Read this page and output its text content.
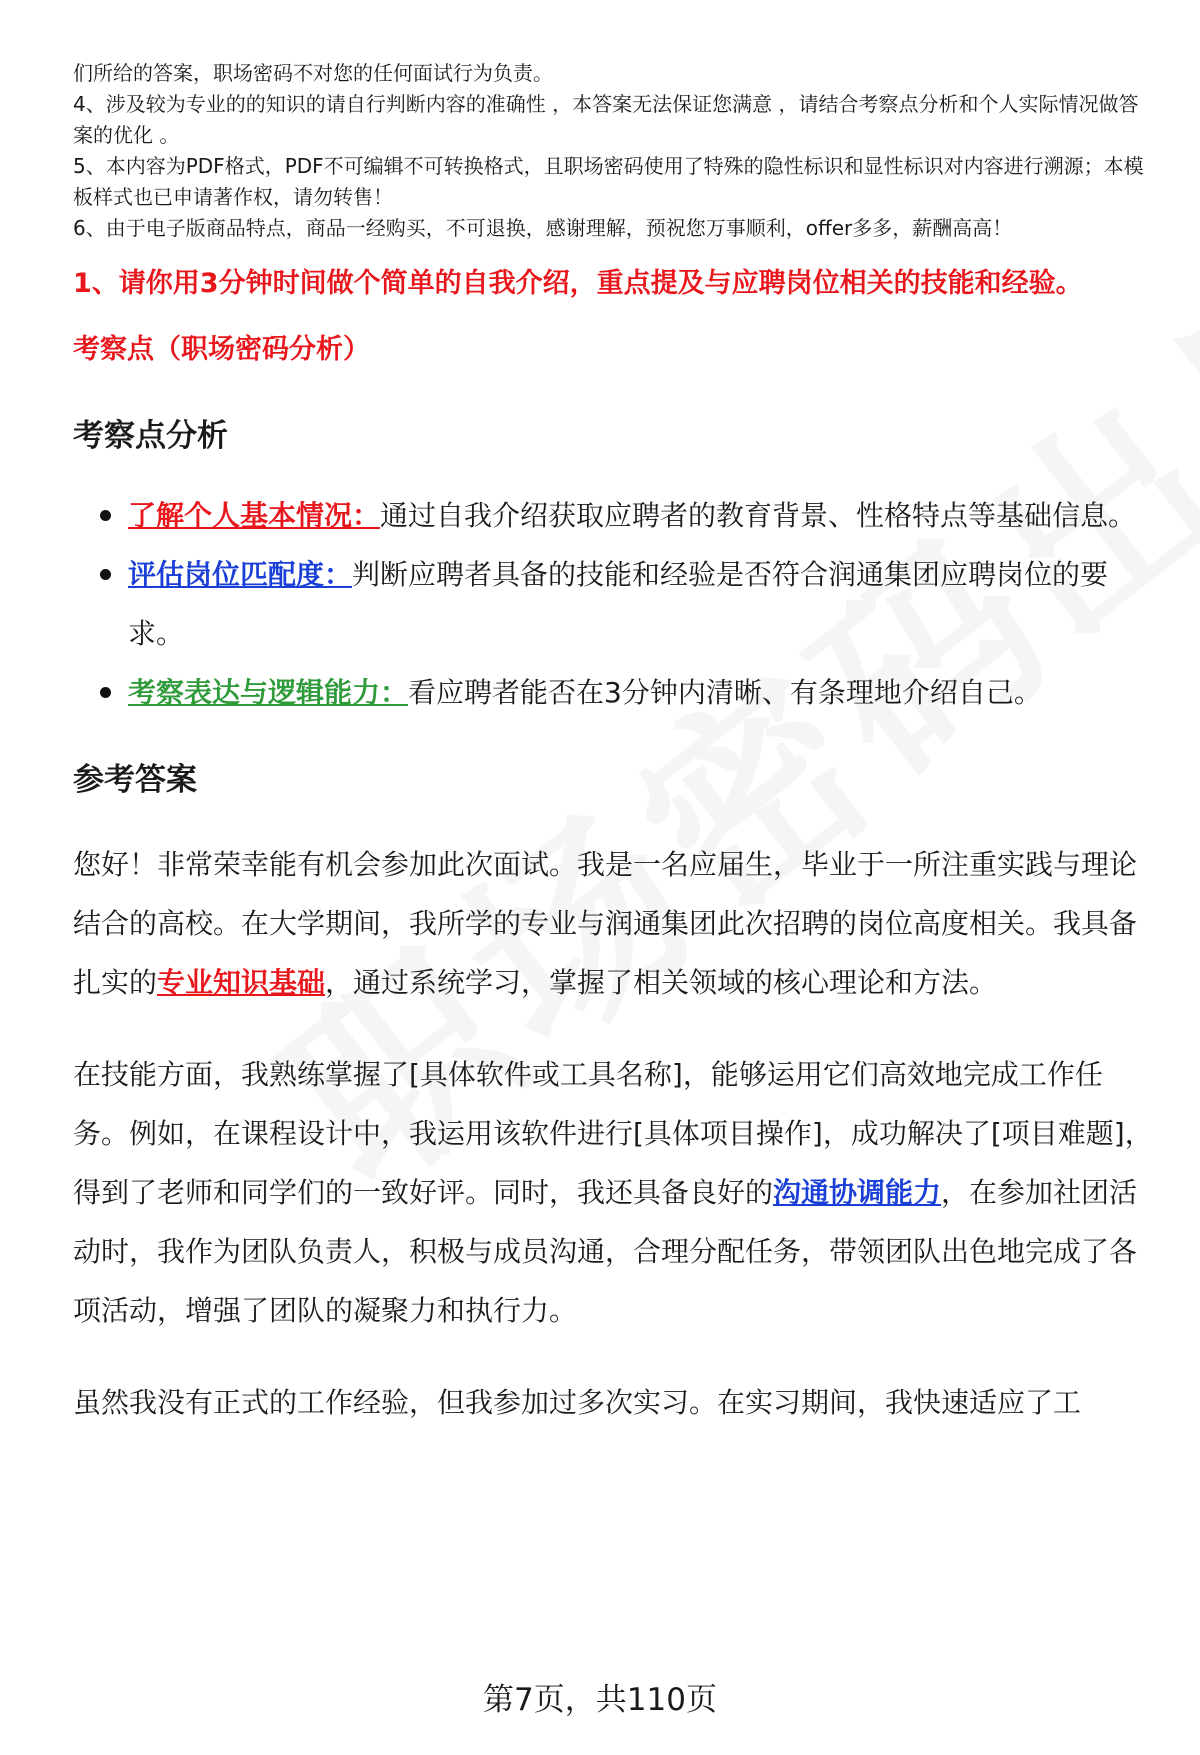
们所给的答案，职场密码不对您的任何面试行为负责。

4、涉及较为专业的的知识的请自行判断内容的准确性 ，本答案无法保证您满意 ，请结合考察点分析和个人实际情况做答案的优化 。

5、本内容为PDF格式，PDF不可编辑不可转换格式，且职场密码使用了特殊的隐性标识和显性标识对内容进行溯源；本模板样式也已申请著作权，请勿转售！

6、由于电子版商品特点，商品一经购买，不可退换，感谢理解，预祝您万事顺利，offer多多，薪酬高高！

1、请你用3分钟时间做个简单的自我介绍，重点提及与应聘岗位相关的技能和经验。
考察点（职场密码分析）
考察点分析
了解个人基本情况：通过自我介绍获取应聘者的教育背景、性格特点等基础信息。
评估岗位匹配度：判断应聘者具备的技能和经验是否符合润通集团应聘岗位的要求。
考察表达与逻辑能力：看应聘者能否在3分钟内清晰、有条理地介绍自己。
参考答案

您好！非常荣幸能有机会参加此次面试。我是一名应届生，毕业于一所注重实践与理论结合的高校。在大学期间，我所学的专业与润通集团此次招聘的岗位高度相关。我具备扎实的专业知识基础，通过系统学习，掌握了相关领域的核心理论和方法。

在技能方面，我熟练掌握了[具体软件或工具名称]，能够运用它们高效地完成工作任务。例如，在课程设计中，我运用该软件进行[具体项目操作]，成功解决了[项目难题]，得到了老师和同学们的一致好评。同时，我还具备良好的沟通协调能力，在参加社团活动时，我作为团队负责人，积极与成员沟通，合理分配任务，带领团队出色地完成了各项活动，增强了团队的凝聚力和执行力。

虽然我没有正式的工作经验，但我参加过多次实习。在实习期间，我快速适应了工

第7页，共110页
